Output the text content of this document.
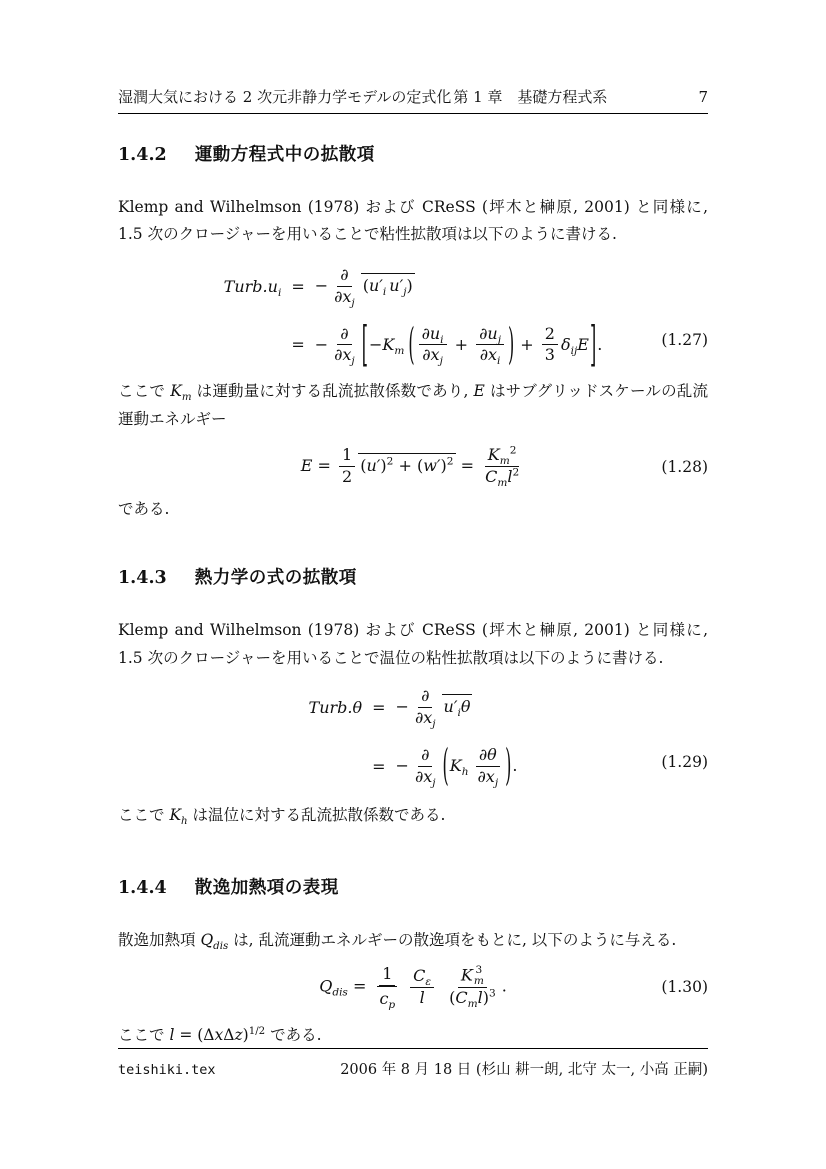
湿潤大気における 2 次元非静力学モデルの定式化 第 1 章　基礎方程式系	7
1.4.2 運動方程式中の拡散項

Klemp and Wilhelmson (1978) および CReSS (坪木と榊原, 2001) と同様に, 1.5 次のクロージャーを用いることで粘性拡散項は以下のように書ける.

$Turb.u_i$ = − $\frac{\partial}{\partial x_j} (u'_i$ $u'_j$)
= − $\frac{\partial}{\partial x_j} [-K_m$ ( $\frac{\partial u_i}{\partial x_j} + \frac{\partial u_j}{\partial x_i}$ ) + $\frac{2}{3} \delta_{ij}E$].	(1.27)

ここで $K_m$ は運動量に対する乱流拡散係数であり, E はサブグリッドスケールの乱流運動エネルギー

$E = \frac{1}{2} (u')^2 + (w')^2 = \frac{K_m^2}{C_ml^2}$	(1.28)

である.

1.4.3 熱力学の式の拡散項

Klemp and Wilhelmson (1978) および CReSS (坪木と榊原, 2001) と同様に, 1.5 次のクロージャーを用いることで温位の粘性拡散項は以下のように書ける.

Turb.θ = − $\frac{\partial}{\partial x_j} u'_i\theta$
= − $\frac{\partial}{\partial x_j} (K_h \frac{\partial\theta}{\partial x_j}$ ).	(1.29)

ここで $K_h$ は温位に対する乱流拡散係数である.

1.4.4 散逸加熱項の表現

散逸加熱項 $Q_{dis}$ は, 乱流運動エネルギーの散逸項をもとに, 以下のように与える.

$Q_{dis} = \frac{1}{c_p} \frac{C_\varepsilon}{l}$ K 3
m
$(C_ml)^3$ .	(1.30)

ここで $l = (\Delta x\Delta z)^{1/2}$ である.

teishiki.tex	2006 年 8 月 18 日 (杉山 耕一朗, 北守 太一, 小高 正嗣)
